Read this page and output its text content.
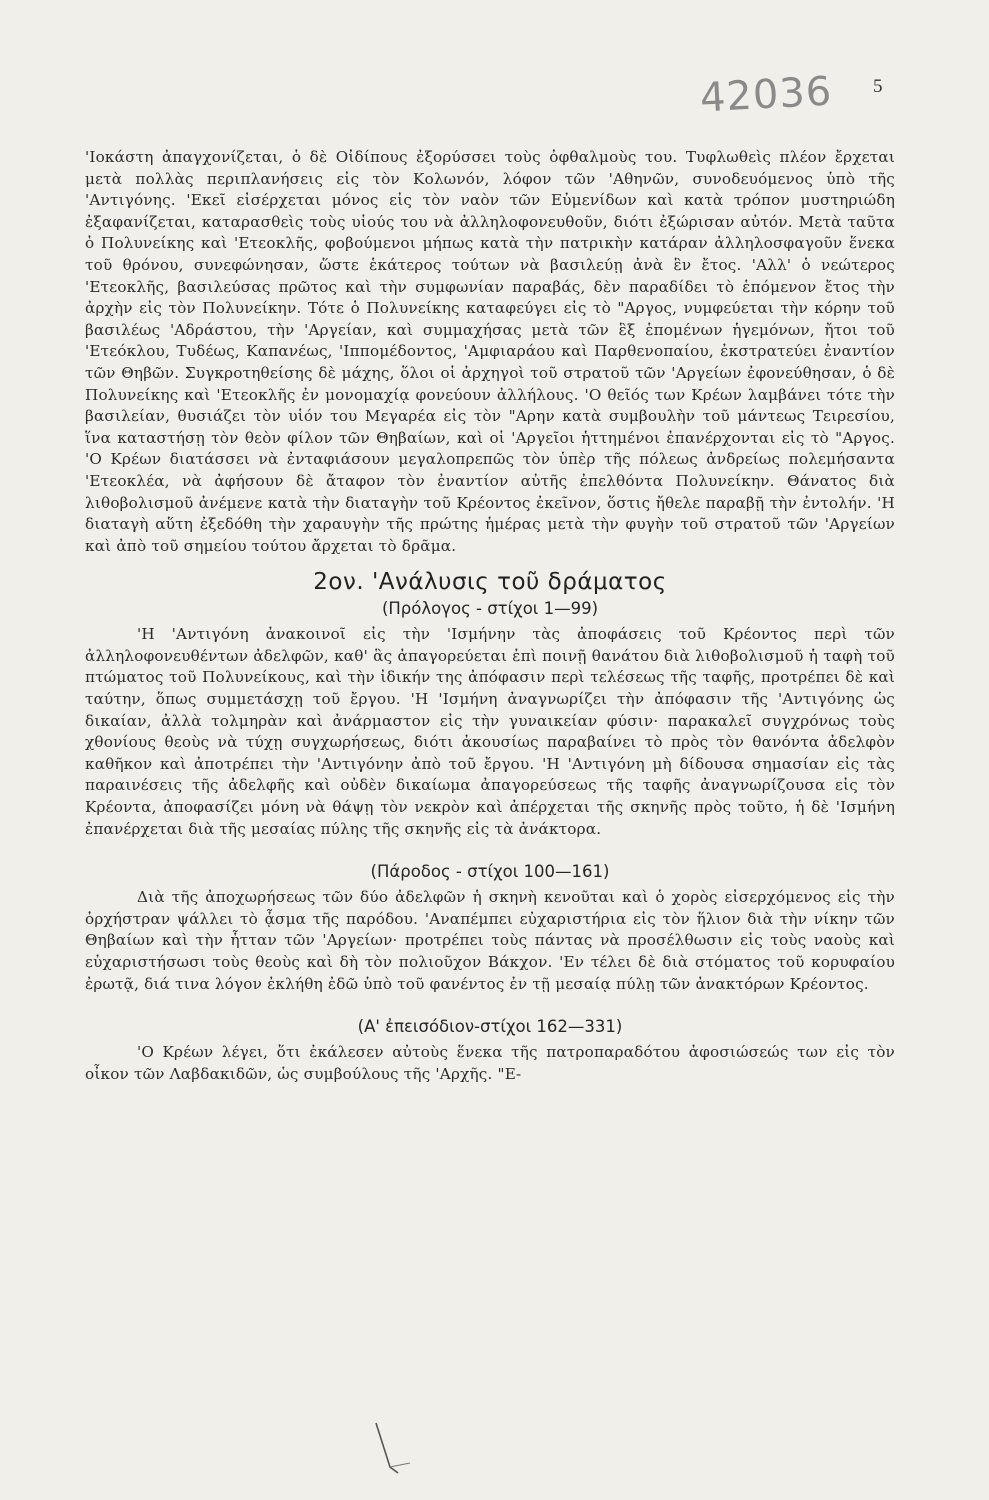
42036 5

'Ιοκάστη ἀπαγχονίζεται, ὁ δὲ Οἰδίπους ἐξορύσσει τοὺς ὀφθαλμοὺς του. Τυφλωθεὶς πλέον ἔρχεται μετὰ πολλὰς περιπλανήσεις εἰς τὸν Κολωνόν, λόφον τῶν 'Αθηνῶν, συνοδευόμενος ὑπὸ τῆς 'Αντιγόνης. 'Εκεῖ εἰσέρχεται μόνος εἰς τὸν ναὸν τῶν Εὐμενίδων καὶ κατὰ τρόπον μυστηριώδη ἐξαφανίζεται, καταρασθεὶς τοὺς υἱούς του νὰ ἀλληλοφονευθοῦν, διότι ἐξώρισαν αὐτόν. Μετὰ ταῦτα ὁ Πολυνείκης καὶ 'Ετεοκλῆς, φοβούμενοι μήπως κατὰ τὴν πατρικὴν κατάραν ἀλληλοσφαγοῦν ἕνεκα τοῦ θρόνου, συνεφώνησαν, ὥστε ἑκάτερος τούτων νὰ βασιλεύῃ ἀνὰ ἓν ἔτος. 'Αλλ' ὁ νεώτερος 'Ετεοκλῆς, βασιλεύσας πρῶτος καὶ τὴν συμφωνίαν παραβάς, δὲν παραδίδει τὸ ἑπόμενον ἔτος τὴν ἀρχὴν εἰς τὸν Πολυνείκην. Τότε ὁ Πολυνείκης καταφεύγει εἰς τὸ "Αργος, νυμφεύεται τὴν κόρην τοῦ βασιλέως 'Αδράστου, τὴν 'Αργείαν, καὶ συμμαχήσας μετὰ τῶν ἓξ ἑπομένων ἡγεμόνων, ἤτοι τοῦ 'Ετεόκλου, Τυδέως, Καπανέως, 'Ιππομέδοντος, 'Αμφιαράου καὶ Παρθενοπαίου, ἐκστρατεύει ἐναντίον τῶν Θηβῶν. Συγκροτηθείσης δὲ μάχης, ὅλοι οἱ ἀρχηγοὶ τοῦ στρατοῦ τῶν 'Αργείων ἐφονεύθησαν, ὁ δὲ Πολυνείκης καὶ 'Ετεοκλῆς ἐν μονομαχίᾳ φονεύουν ἀλλήλους. 'Ο θεῖός των Κρέων λαμβάνει τότε τὴν βασιλείαν, θυσιάζει τὸν υἱόν του Μεγαρέα εἰς τὸν "Αρην κατὰ συμβουλὴν τοῦ μάντεως Τειρεσίου, ἵνα καταστήσῃ τὸν θεὸν φίλον τῶν Θηβαίων, καὶ οἱ 'Αργεῖοι ἡττημένοι ἐπανέρχονται εἰς τὸ "Αργος. 'Ο Κρέων διατάσσει νὰ ἐνταφιάσουν μεγαλοπρεπῶς τὸν ὑπὲρ τῆς πόλεως ἀνδρείως πολεμήσαντα 'Ετεοκλέα, νὰ ἀφήσουν δὲ ἄταφον τὸν ἐναντίον αὐτῆς ἐπελθόντα Πολυνείκην. Θάνατος διὰ λιθοβολισμοῦ ἀνέμενε κατὰ τὴν διαταγὴν τοῦ Κρέοντος ἐκεῖνον, ὅστις ἤθελε παραβῇ τὴν ἐντολήν. 'Η διαταγὴ αὕτη ἐξεδόθη τὴν χαραυγὴν τῆς πρώτης ἡμέρας μετὰ τὴν φυγὴν τοῦ στρατοῦ τῶν 'Αργείων καὶ ἀπὸ τοῦ σημείου τούτου ἄρχεται τὸ δρᾶμα.

2ον. 'Ανάλυσις τοῦ δράματος
(Πρόλογος - στίχοι 1—99)

'Η 'Αντιγόνη ἀνακοινοῖ εἰς τὴν 'Ισμήνην τὰς ἀποφάσεις τοῦ Κρέοντος περὶ τῶν ἀλληλοφονευθέντων ἀδελφῶν, καθ' ἃς ἀπαγορεύεται ἐπὶ ποινῇ θανάτου διὰ λιθοβολισμοῦ ἡ ταφὴ τοῦ πτώματος τοῦ Πολυνείκους, καὶ τὴν ἰδικήν της ἀπόφασιν περὶ τελέσεως τῆς ταφῆς, προτρέπει δὲ καὶ ταύτην, ὅπως συμμετάσχῃ τοῦ ἔργου. 'Η 'Ισμήνη ἀναγνωρίζει τὴν ἀπόφασιν τῆς 'Αντιγόνης ὡς δικαίαν, ἀλλὰ τολμηρὰν καὶ ἀνάρμαστον εἰς τὴν γυναικείαν φύσιν· παρακαλεῖ συγχρόνως τοὺς χθονίους θεοὺς νὰ τύχῃ συγχωρήσεως, διότι ἀκουσίως παραβαίνει τὸ πρὸς τὸν θανόντα ἀδελφὸν καθῆκον καὶ ἀποτρέπει τὴν 'Αντιγόνην ἀπὸ τοῦ ἔργου. 'Η 'Αντιγόνη μὴ δίδουσα σημασίαν εἰς τὰς παραινέσεις τῆς ἀδελφῆς καὶ οὐδὲν δικαίωμα ἀπαγορεύσεως τῆς ταφῆς ἀναγνωρίζουσα εἰς τὸν Κρέοντα, ἀποφασίζει μόνη νὰ θάψῃ τὸν νεκρὸν καὶ ἀπέρχεται τῆς σκηνῆς πρὸς τοῦτο, ἡ δὲ 'Ισμήνη ἐπανέρχεται διὰ τῆς μεσαίας πύλης τῆς σκηνῆς εἰς τὰ ἀνάκτορα.

(Πάροδος - στίχοι 100—161)

Διὰ τῆς ἀποχωρήσεως τῶν δύο ἀδελφῶν ἡ σκηνὴ κενοῦται καὶ ὁ χορὸς εἰσερχόμενος εἰς τὴν ὀρχήστραν ψάλλει τὸ ᾆσμα τῆς παρόδου. 'Αναπέμπει εὐχαριστήρια εἰς τὸν ἥλιον διὰ τὴν νίκην τῶν Θηβαίων καὶ τὴν ἧτταν τῶν 'Αργείων· προτρέπει τοὺς πάντας νὰ προσέλθωσιν εἰς τοὺς ναοὺς καὶ εὐχαριστήσωσι τοὺς θεοὺς καὶ δὴ τὸν πολιοῦχον Βάκχον. 'Εν τέλει δὲ διὰ στόματος τοῦ κορυφαίου ἐρωτᾷ, διά τινα λόγον ἐκλήθη ἐδῶ ὑπὸ τοῦ φανέντος ἐν τῇ μεσαίᾳ πύλῃ τῶν ἀνακτόρων Κρέοντος.

(Α' ἐπεισόδιον-στίχοι 162—331)

'Ο Κρέων λέγει, ὅτι ἐκάλεσεν αὐτοὺς ἕνεκα τῆς πατροπαραδότου ἀφοσιώσεώς των εἰς τὸν οἶκον τῶν Λαβδακιδῶν, ὡς συμβούλους τῆς 'Αρχῆς. "Ε-
